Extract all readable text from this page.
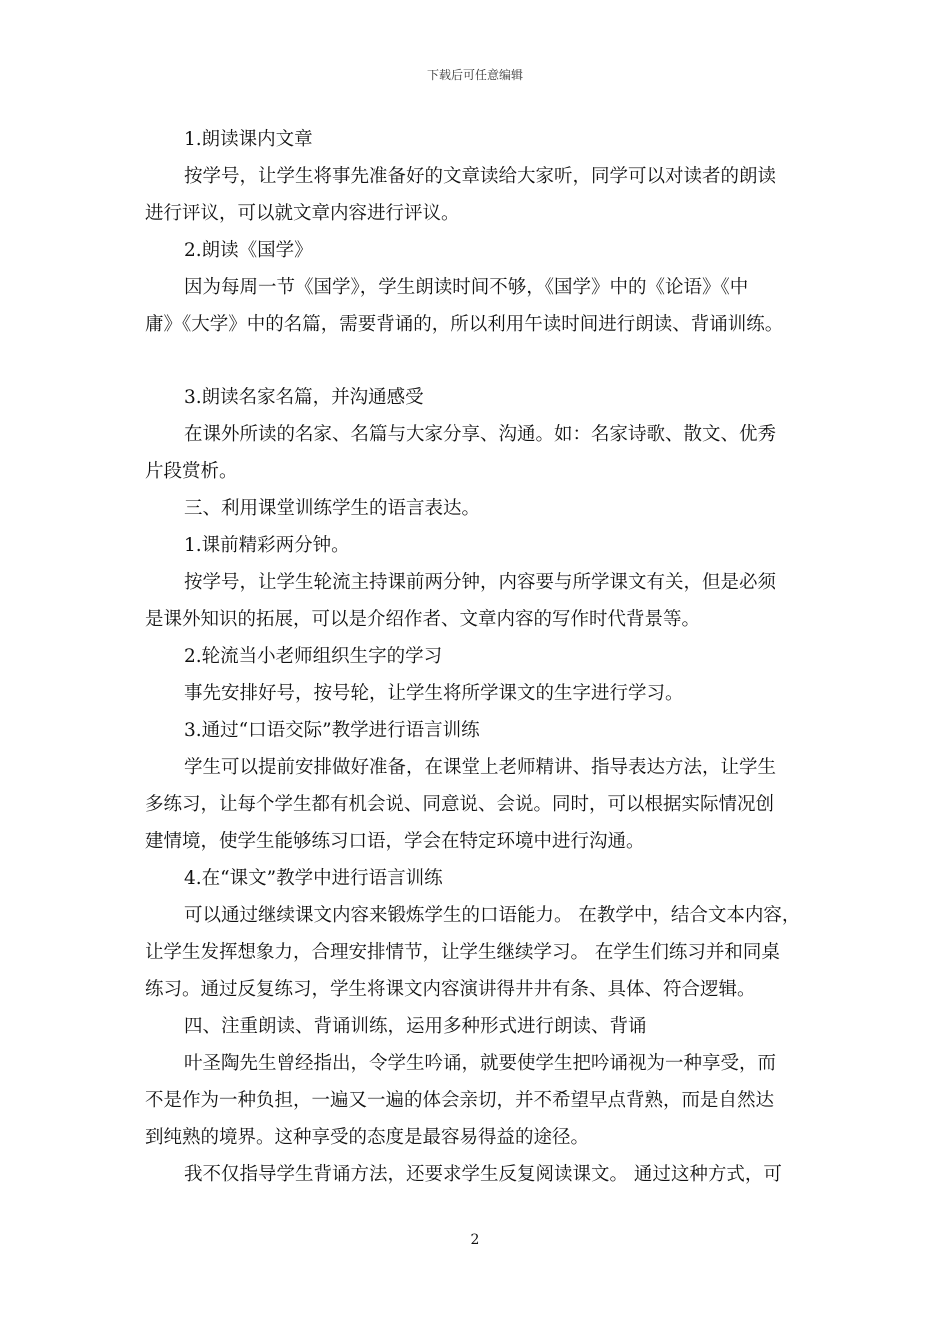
下载后可任意编辑
1.朗读课内文章
按学号，让学生将事先准备好的文章读给大家听，同学可以对读者的朗读
进行评议，可以就文章内容进行评议。
2.朗读《国学》
因为每周一节《国学》，学生朗读时间不够，《国学》中的《论语》《中
庸》《大学》中的名篇，需要背诵的，所以利用午读时间进行朗读、背诵训练。
3.朗读名家名篇，并沟通感受
在课外所读的名家、名篇与大家分享、沟通。如：名家诗歌、散文、优秀
片段赏析。
三、利用课堂训练学生的语言表达。
1.课前精彩两分钟。
按学号，让学生轮流主持课前两分钟，内容要与所学课文有关，但是必须
是课外知识的拓展，可以是介绍作者、文章内容的写作时代背景等。
2.轮流当小老师组织生字的学习
事先安排好号，按号轮，让学生将所学课文的生字进行学习。
3.通过“口语交际”教学进行语言训练
学生可以提前安排做好准备，在课堂上老师精讲、指导表达方法，让学生
多练习，让每个学生都有机会说、同意说、会说。同时，可以根据实际情况创
建情境，使学生能够练习口语，学会在特定环境中进行沟通。
4.在“课文”教学中进行语言训练
可以通过继续课文内容来锻炼学生的口语能力。 在教学中，结合文本内容，
让学生发挥想象力，合理安排情节，让学生继续学习。 在学生们练习并和同桌
练习。通过反复练习，学生将课文内容演讲得井井有条、具体、符合逻辑。
四、注重朗读、背诵训练，运用多种形式进行朗读、背诵
叶圣陶先生曾经指出，令学生吟诵，就要使学生把吟诵视为一种享受，而
不是作为一种负担，一遍又一遍的体会亲切，并不希望早点背熟，而是自然达
到纯熟的境界。这种享受的态度是最容易得益的途径。
我不仅指导学生背诵方法，还要求学生反复阅读课文。 通过这种方式，可
2
